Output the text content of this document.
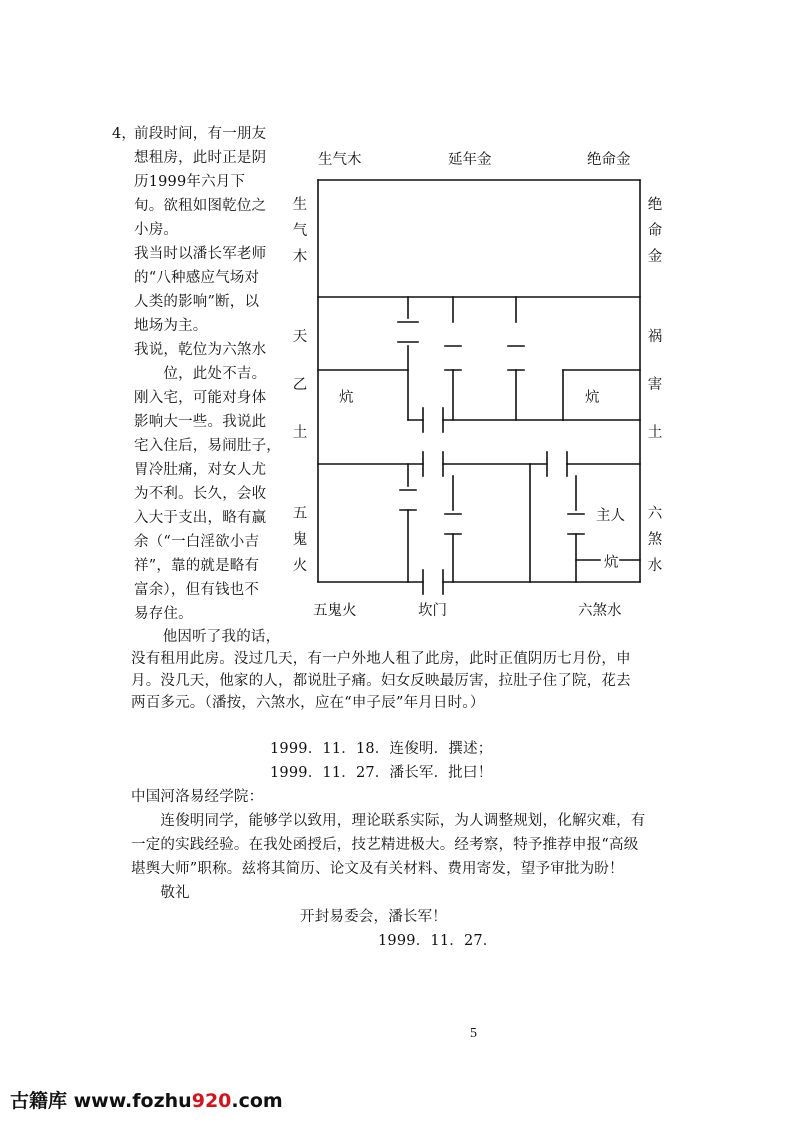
4，
前段时间，有一朋友
想租房，此时正是阴
历1999年六月下
旬。欲租如图乾位之
小房。
我当时以潘长军老师
的“八种感应气场对
人类的影响”断，以
地场为主。
我说，乾位为六煞水
　　位，此处不吉。
刚入宅，可能对身体
影响大一些。我说此
宅入住后，易闹肚子，
胃冷肚痛，对女人尤
为不利。长久，会收
入大于支出，略有赢
余（“一白淫欲小吉
祥”，靠的就是略有
富余），但有钱也不
易存住。
生气木	延年金	绝命金
生气木
天乙土
五鬼火
绝命金
祸害土
六煞水
炕	炕
主人
炕
五鬼火	坎门	六煞水
　他因听了我的话，
没有租用此房。没过几天，有一户外地人租了此房，此时正值阴历七月份，申
月。没几天，他家的人，都说肚子痛。妇女反映最厉害，拉肚子住了院，花去
两百多元。（潘按，六煞水，应在“申子辰”年月日时。）
1999．11．18．连俊明．撰述；
1999．11．27．潘长军．批曰！
中国河洛易经学院：
　　连俊明同学，能够学以致用，理论联系实际，为人调整规划，化解灾难，有
一定的实践经验。在我处函授后，技艺精进极大。经考察，特予推荐申报“高级
堪舆大师”职称。兹将其简历、论文及有关材料、费用寄发，望予审批为盼！
　　敬礼
开封易委会，潘长军！
1999．11．27．
5
古籍库 www.fozhu920.com
